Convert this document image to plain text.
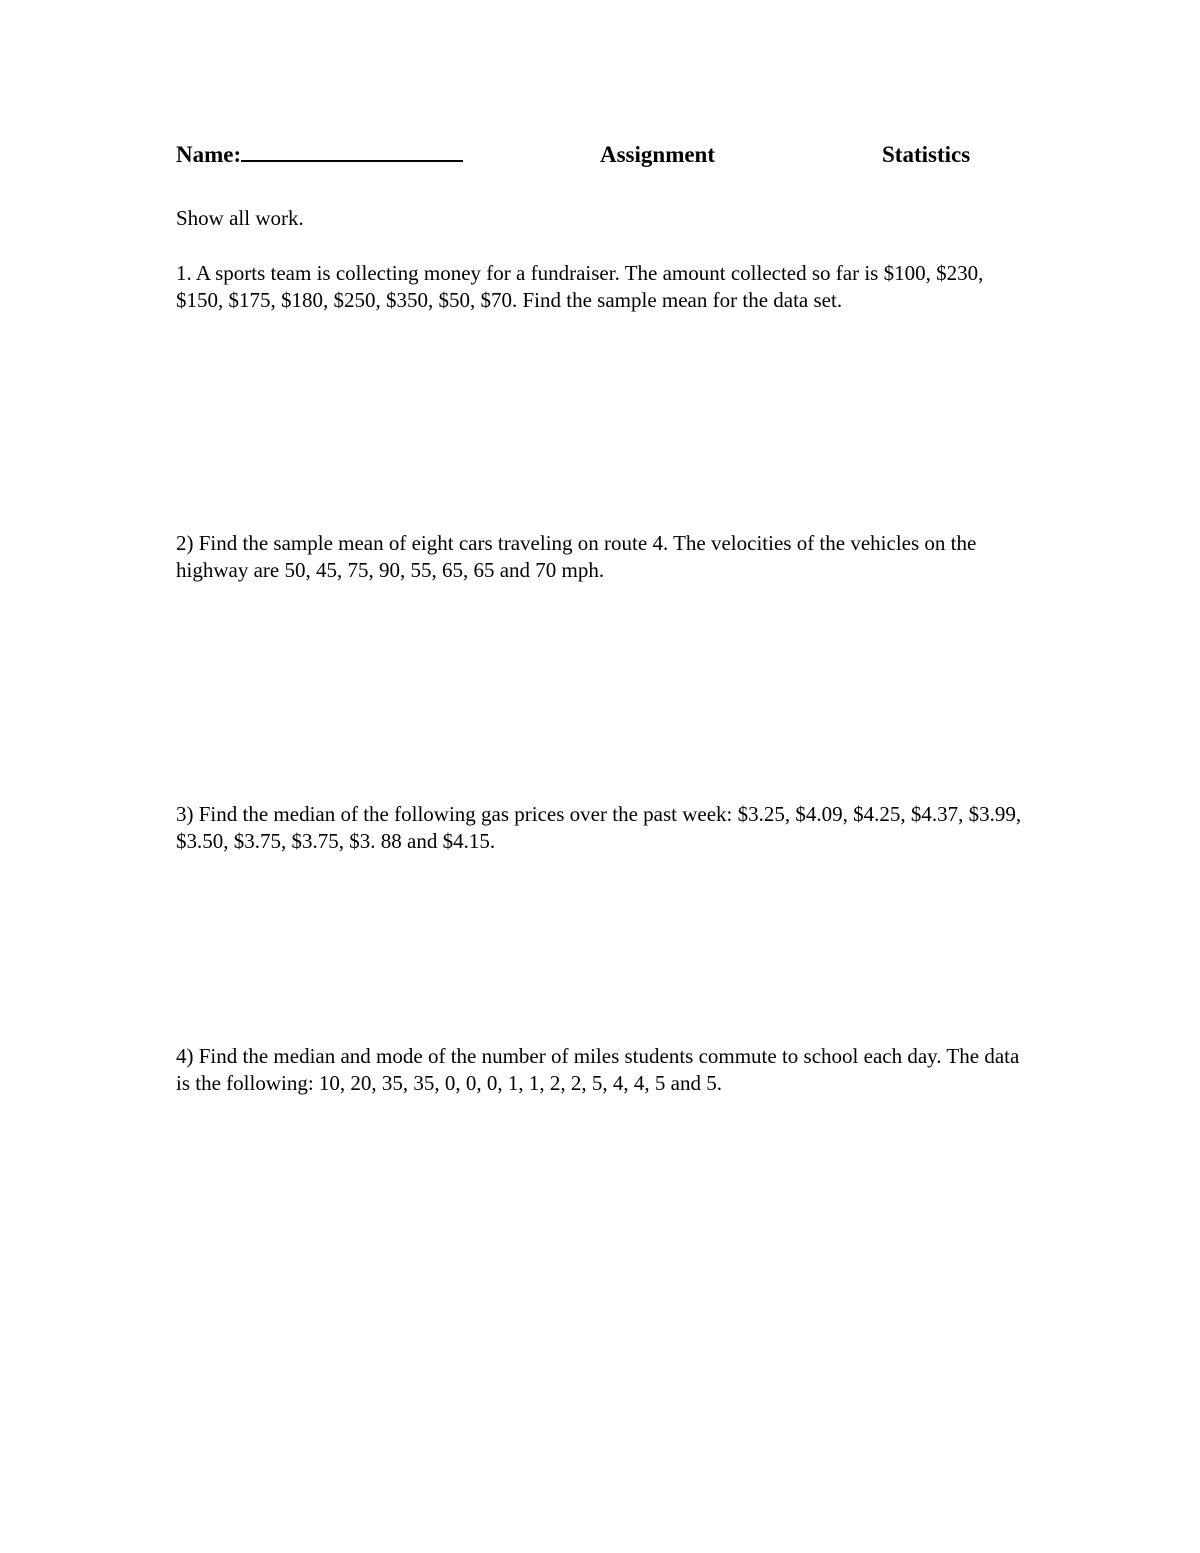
Name:	Assignment	Statistics
Show all work.
1. A sports team is collecting money for a fundraiser. The amount collected so far is $100, $230, $150, $175, $180, $250, $350, $50, $70. Find the sample mean for the data set.
2) Find the sample mean of eight cars traveling on route 4. The velocities of the vehicles on the highway are 50, 45, 75, 90, 55, 65, 65 and 70 mph.
3) Find the median of the following gas prices over the past week: $3.25, $4.09, $4.25, $4.37, $3.99, $3.50, $3.75, $3.75, $3. 88 and $4.15.
4) Find the median and mode of the number of miles students commute to school each day. The data is the following: 10, 20, 35, 35, 0, 0, 0, 1, 1, 2, 2, 5, 4, 4, 5 and 5.
